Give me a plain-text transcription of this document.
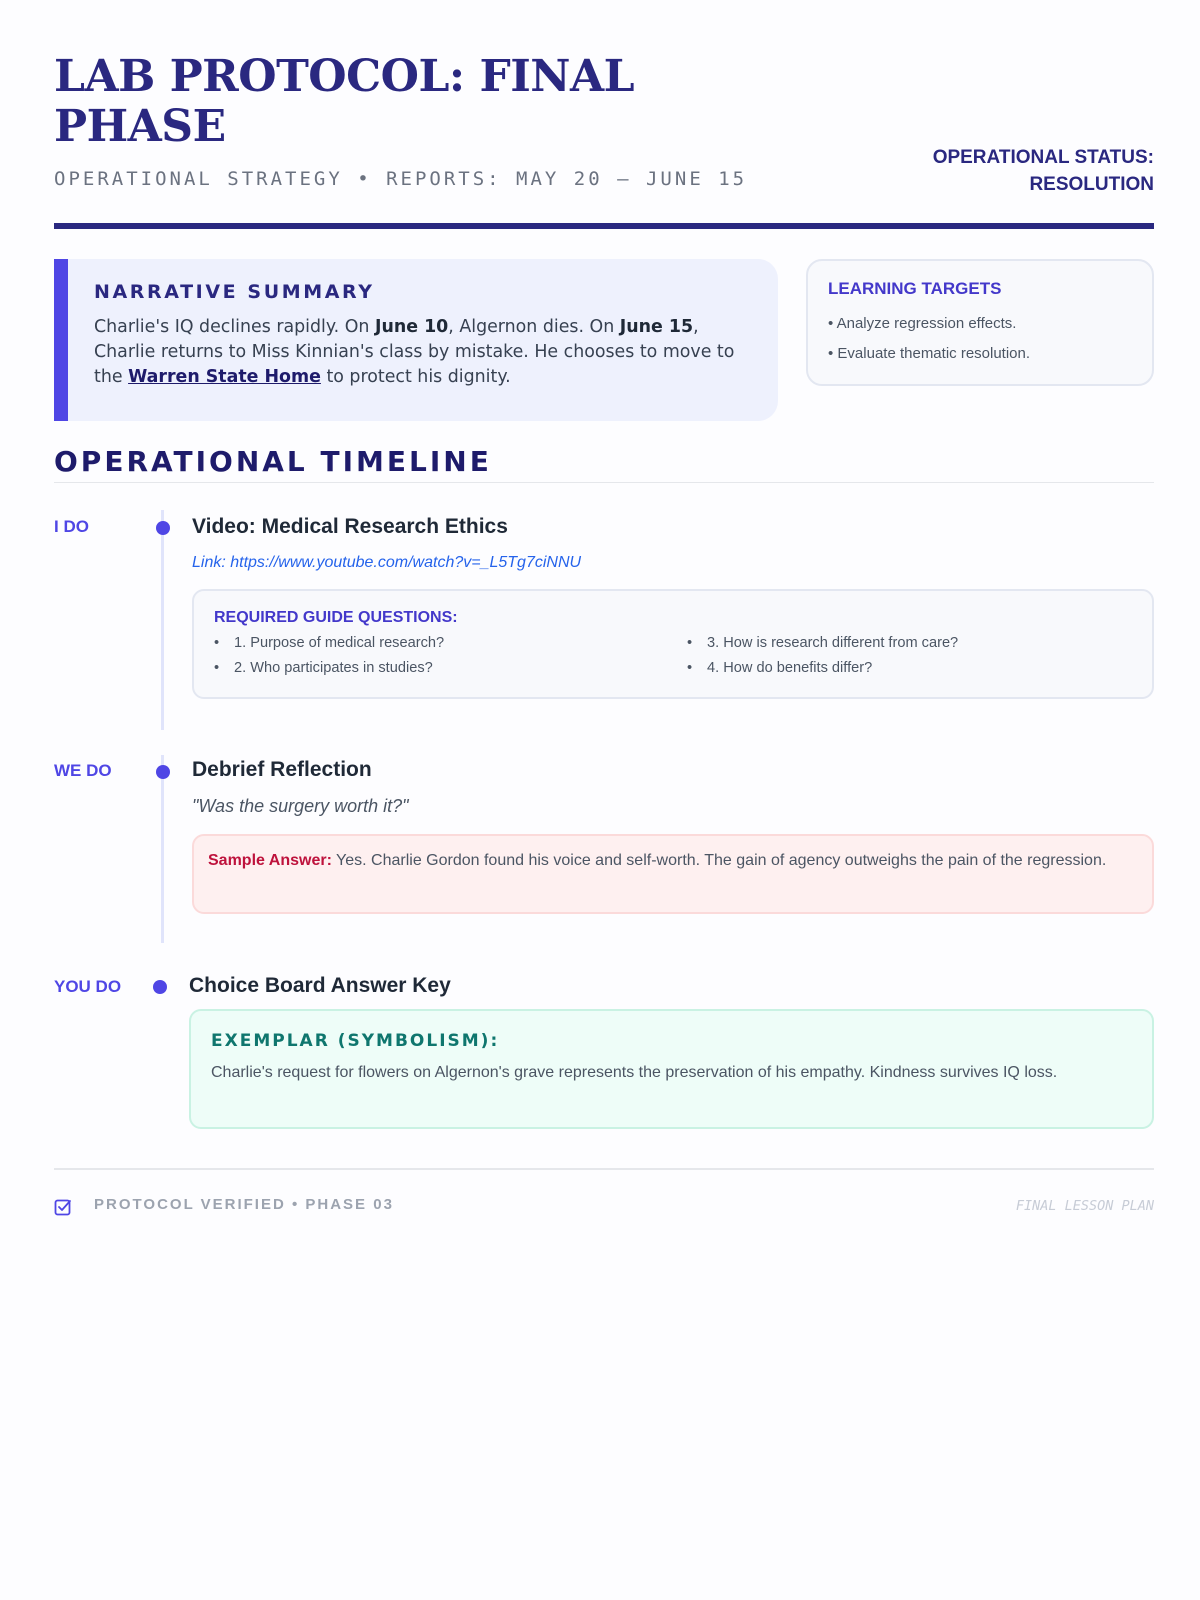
LAB PROTOCOL: FINAL
PHASE
OPERATIONAL STRATEGY • REPORTS: MAY 20 – JUNE 15
OPERATIONAL STATUS:
RESOLUTION
NARRATIVE SUMMARY

Charlie's IQ declines rapidly. On June 10, Algernon dies. On June 15, Charlie returns to Miss Kinnian's class by mistake. He chooses to move to the Warren State Home to protect his dignity.

LEARNING TARGETS
• Analyze regression effects.
• Evaluate thematic resolution.
OPERATIONAL TIMELINE
I DO	Video: Medical Research Ethics
Link: https://www.youtube.com/watch?v=_L5Tg7ciNNU
REQUIRED GUIDE QUESTIONS:
• 1. Purpose of medical research?	• 3. How is research different from care?
• 2. Who participates in studies?	• 4. How do benefits differ?
WE DO	Debrief Reflection
"Was the surgery worth it?"
Sample Answer: Yes. Charlie Gordon found his voice and self-worth. The gain of agency outweighs the pain of the regression.
YOU DO	Choice Board Answer Key
EXEMPLAR (SYMBOLISM):

Charlie's request for flowers on Algernon's grave represents the preservation of his empathy. Kindness survives IQ loss.

PROTOCOL VERIFIED • PHASE 03	FINAL LESSON PLAN
